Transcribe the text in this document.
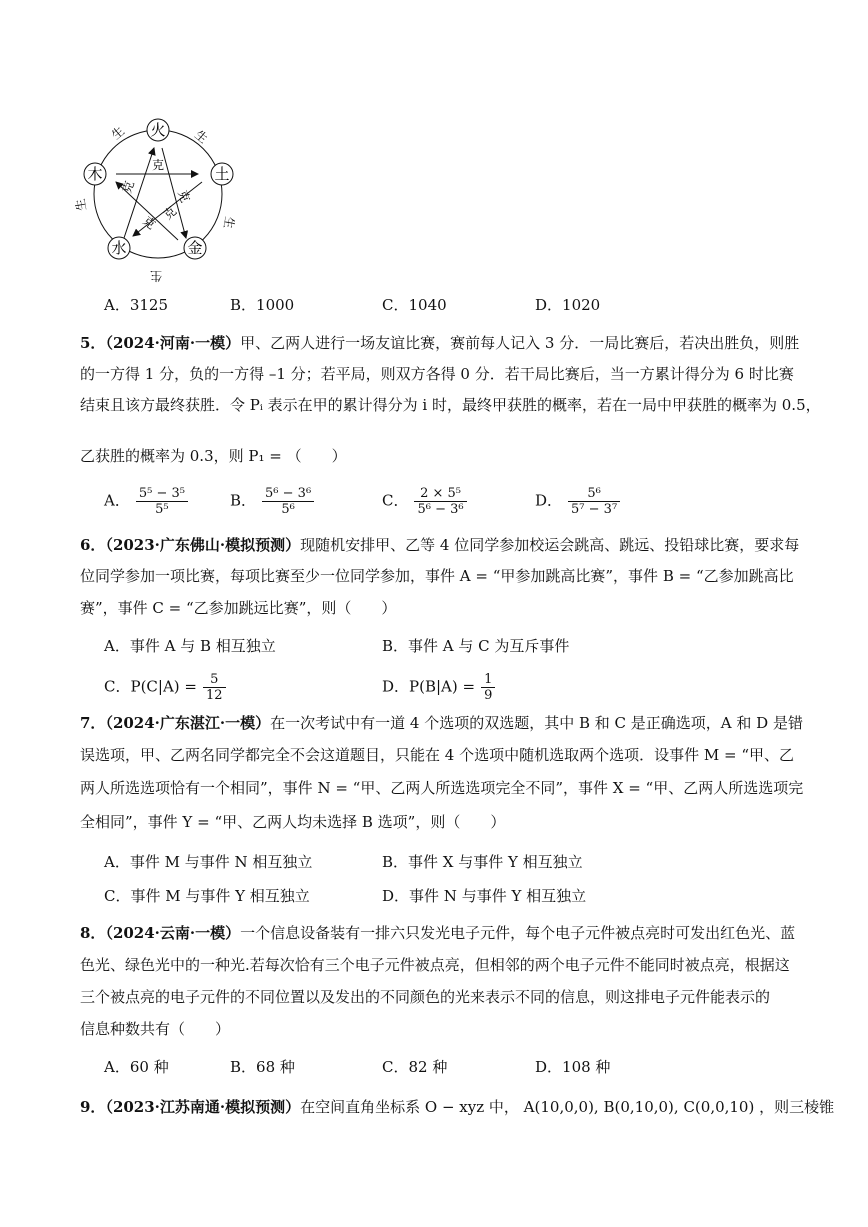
火
土
金
水
木
生	生
生
生
生
克
克
克
克
克
A．3125	B．1000	C．1040	D．1020
5．（2024·河南·一模）甲、乙两人进行一场友谊比赛，赛前每人记入 3 分．一局比赛后，若决出胜负，则胜
的一方得 1 分，负的一方得 –1 分；若平局，则双方各得 0 分．若干局比赛后，当一方累计得分为 6 时比赛
结束且该方最终获胜．令 Pᵢ 表示在甲的累计得分为 i 时，最终甲获胜的概率，若在一局中甲获胜的概率为 0.5，
乙获胜的概率为 0.3，则 P₁ = （　　）
A． $\frac{\text{5⁵ − 3⁵}}{\text{5⁵}}$	B． $\frac{\text{5⁶ − 3⁶}}{\text{5⁶}}$	C． $\frac{\text{2 × 5⁵}}{\text{5⁶ − 3⁶}}$	D． $\frac{\text{5⁶}}{\text{5⁷ − 3⁷}}$
6．（2023·广东佛山·模拟预测）现随机安排甲、乙等 4 位同学参加校运会跳高、跳远、投铅球比赛，要求每
位同学参加一项比赛，每项比赛至少一位同学参加，事件 A = “甲参加跳高比赛”，事件 B = “乙参加跳高比
赛”，事件 C = “乙参加跳远比赛”，则（　　）
A．事件 A 与 B 相互独立	B．事件 A 与 C 为互斥事件
C．$P(C|A) = \frac{5}{12}$	D．$P(B|A) = \frac{1}{9}$
7．（2024·广东湛江·一模）在一次考试中有一道 4 个选项的双选题，其中 B 和 C 是正确选项，A 和 D 是错
误选项，甲、乙两名同学都完全不会这道题目，只能在 4 个选项中随机选取两个选项．设事件 M = “甲、乙
两人所选选项恰有一个相同”，事件 N = “甲、乙两人所选选项完全不同”，事件 X = “甲、乙两人所选选项完
全相同”，事件 Y = “甲、乙两人均未选择 B 选项”，则（　　）
A．事件 M 与事件 N 相互独立	B．事件 X 与事件 Y 相互独立
C．事件 M 与事件 Y 相互独立	D．事件 N 与事件 Y 相互独立
8．（2024·云南·一模）一个信息设备装有一排六只发光电子元件，每个电子元件被点亮时可发出红色光、蓝
色光、绿色光中的一种光.若每次恰有三个电子元件被点亮，但相邻的两个电子元件不能同时被点亮，根据这
三个被点亮的电子元件的不同位置以及发出的不同颜色的光来表示不同的信息，则这排电子元件能表示的
信息种数共有（　　）
A．60 种	B．68 种	C．82 种	D．108 种
9．（2023·江苏南通·模拟预测）在空间直角坐标系 O − xyz 中， A(10,0,0), B(0,10,0), C(0,0,10) ，则三棱锥
